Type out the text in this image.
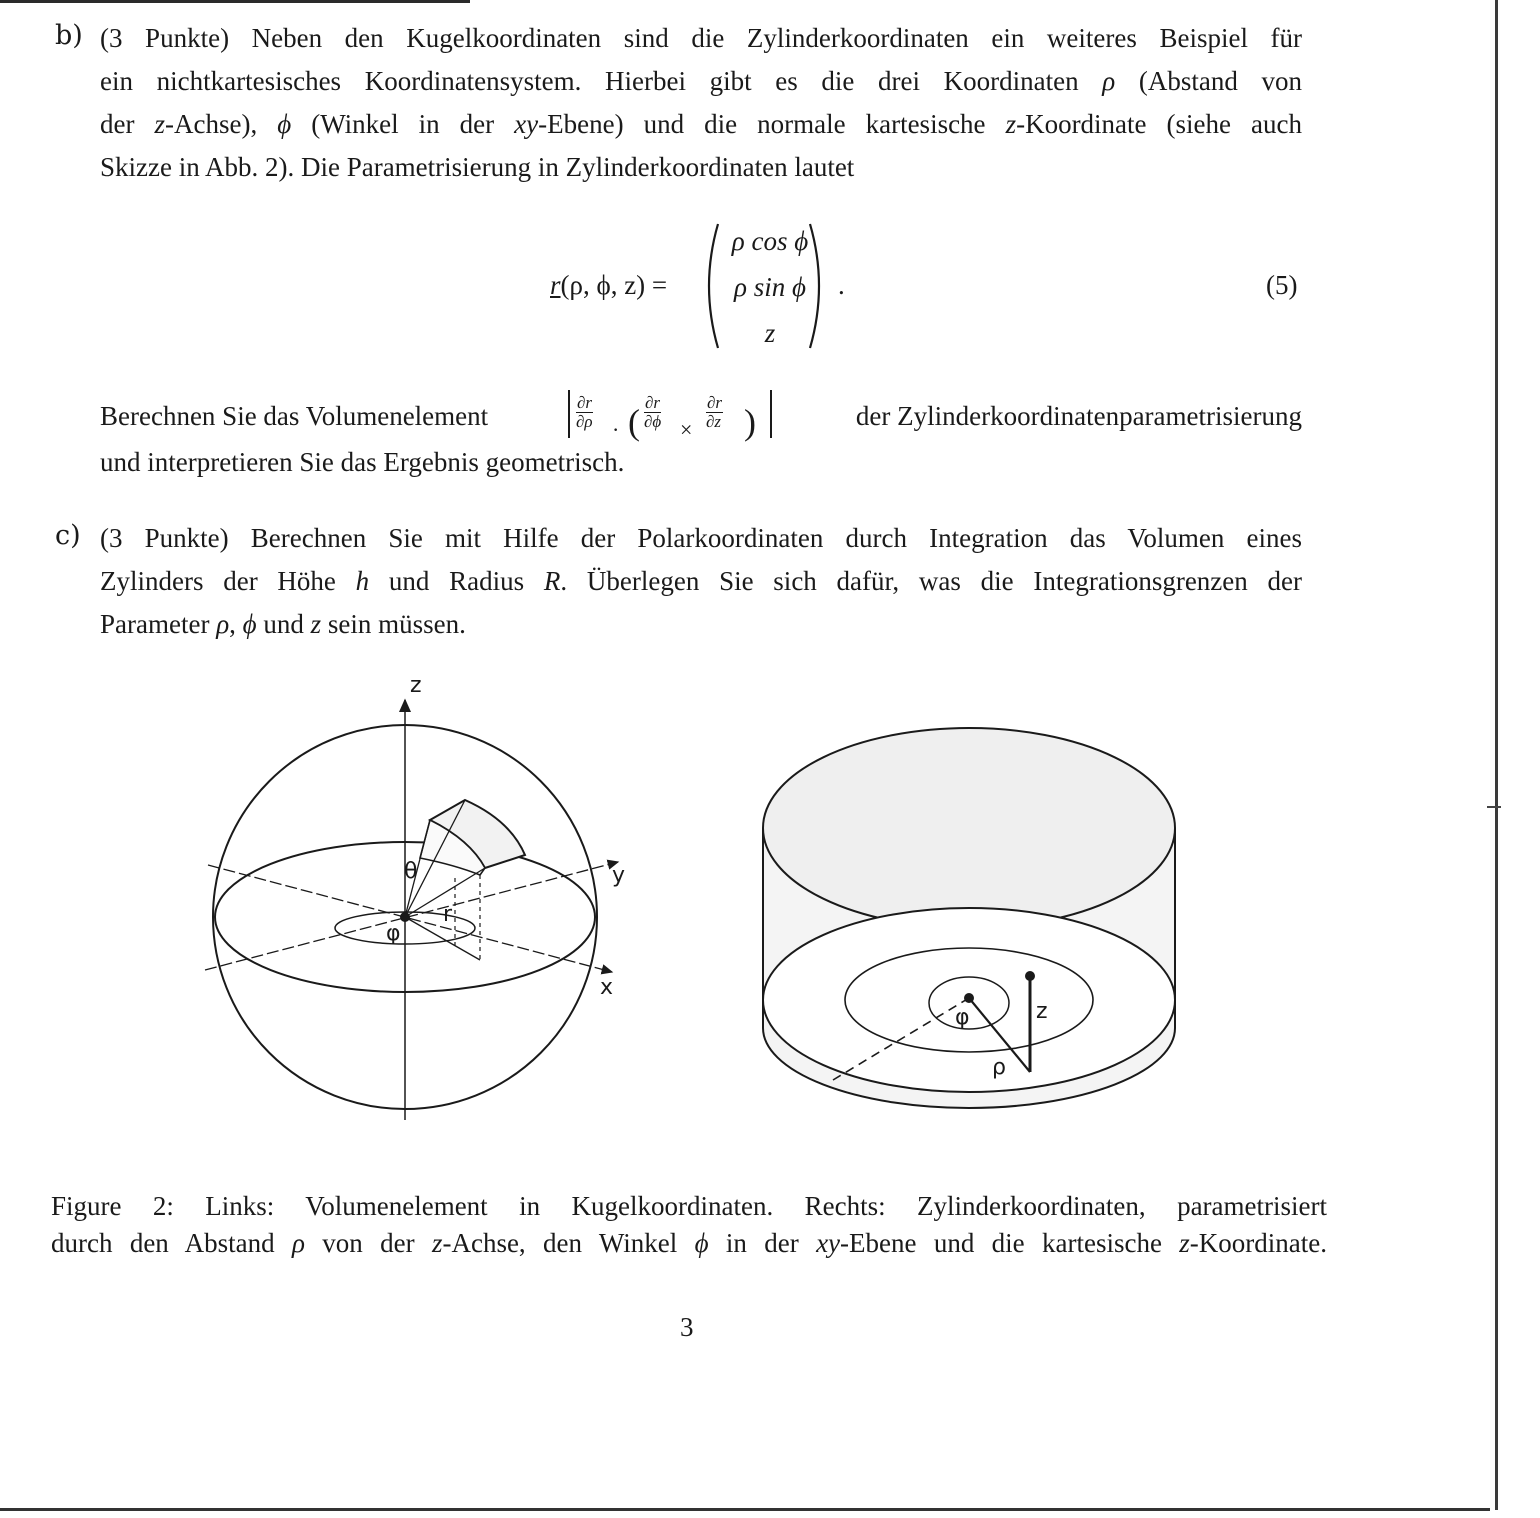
b) (3 Punkte) Neben den Kugelkoordinaten sind die Zylinderkoordinaten ein weiteres Beispiel für
ein nichtkartesisches Koordinatensystem. Hierbei gibt es die drei Koordinaten ρ (Abstand von
der z-Achse), ϕ (Winkel in der xy-Ebene) und die normale kartesische z-Koordinate (siehe auch
Skizze in Abb. 2). Die Parametrisierung in Zylinderkoordinaten lautet
r(ρ, ϕ, z) =
ρ cos ϕ
ρ sin ϕ
z
.	(5)
Berechnen Sie das Volumenelement	$\frac{\partial r}{\partial\rho}$ · ( $\frac{\partial r}{\partial\phi} \times \frac{\partial r}{\partial z}$ )	der Zylinderkoordinatenparametrisierung
und interpretieren Sie das Ergebnis geometrisch.
c) (3 Punkte) Berechnen Sie mit Hilfe der Polarkoordinaten durch Integration das Volumen eines
Zylinders der Höhe h und Radius R. Überlegen Sie sich dafür, was die Integrationsgrenzen der
Parameter ρ, ϕ und z sein müssen.
z
y
x
θ
φ
r
φ	z
ρ
Figure 2: Links: Volumenelement in Kugelkoordinaten. Rechts: Zylinderkoordinaten, parametrisiert
durch den Abstand ρ von der z-Achse, den Winkel ϕ in der xy-Ebene und die kartesische z-Koordinate.
3
